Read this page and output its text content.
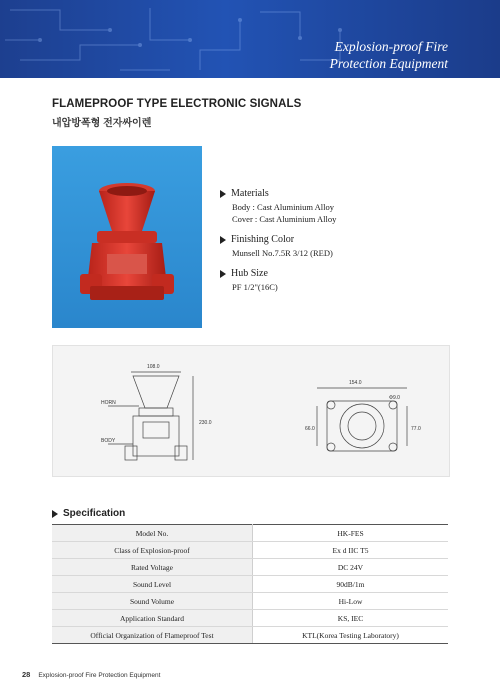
Explosion-proof Fire
Protection Equipment
FLAMEPROOF TYPE ELECTRONIC SIGNALS
내압방폭형 전자싸이렌
Materials
Body : Cast Aluminium Alloy
Cover : Cast Aluminium Alloy
Finishing Color
Munsell No.7.5R 3/12 (RED)
Hub Size
PF 1/2"(16C)
108.0
HORN
BODY
230.0
154.0
Φ9.0
66.0	77.0
Specification
Model No.	HK-FES
Class of Explosion-proof	Ex d IIC T5
Rated Voltage	DC 24V
Sound Level	90dB/1m
Sound Volume	Hi-Low
Application Standard	KS, IEC
Official Organization of Flameproof Test	KTL(Korea Testing Laboratory)
28 Explosion-proof Fire Protection Equipment
